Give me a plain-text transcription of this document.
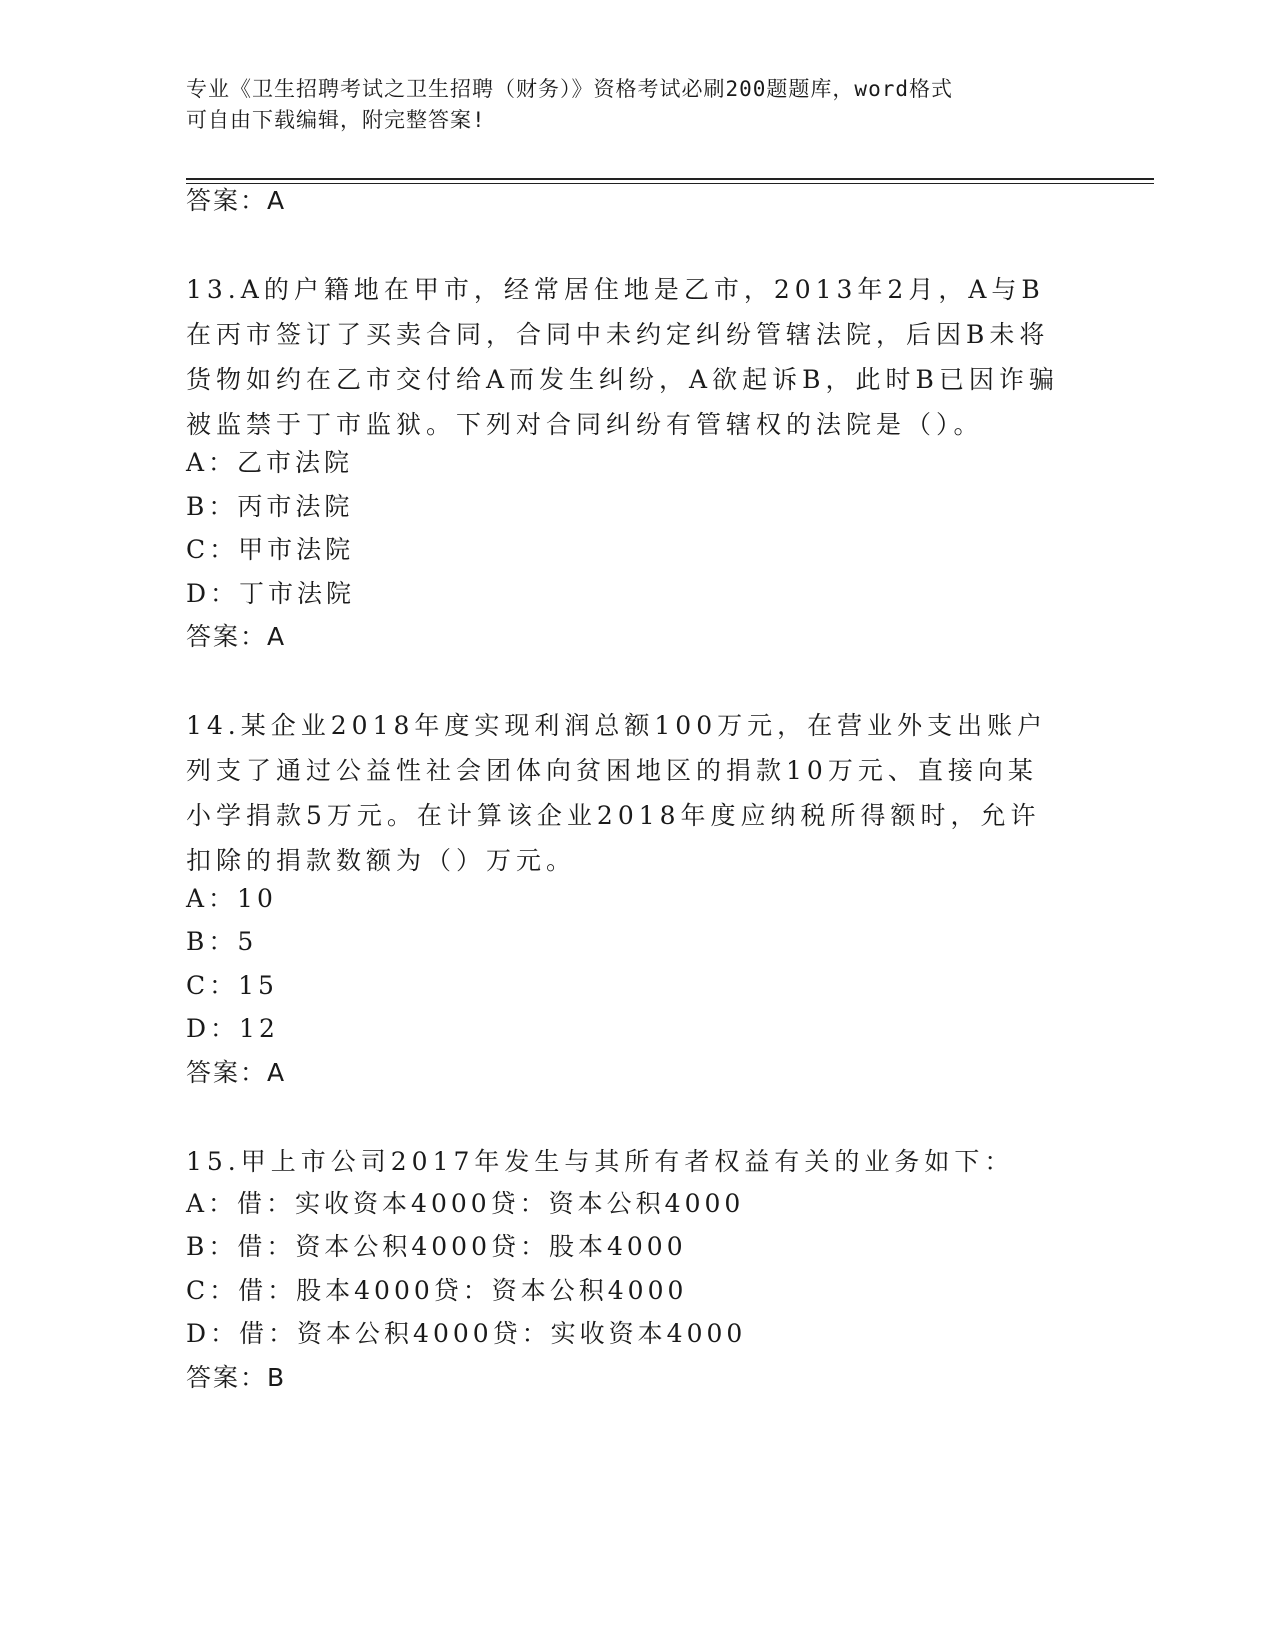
专业《卫生招聘考试之卫生招聘（财务）》资格考试必刷200题题库，word格式
可自由下载编辑，附完整答案!
答案：A

13.A的户籍地在甲市，经常居住地是乙市，2013年2月，A与B在丙市签订了买卖合同，合同中未约定纠纷管辖法院，后因B未将货物如约在乙市交付给A而发生纠纷，A欲起诉B，此时B已因诈骗被监禁于丁市监狱。下列对合同纠纷有管辖权的法院是（）。

A：乙市法院
B：丙市法院
C：甲市法院
D：丁市法院
答案：A

14.某企业2018年度实现利润总额100万元，在营业外支出账户列支了通过公益性社会团体向贫困地区的捐款10万元、直接向某小学捐款5万元。在计算该企业2018年度应纳税所得额时，允许扣除的捐款数额为（）万元。

A：10
B：5
C：15
D：12
答案：A

15.甲上市公司2017年发生与其所有者权益有关的业务如下：

A：借：实收资本4000贷：资本公积4000
B：借：资本公积4000贷：股本4000
C：借：股本4000贷：资本公积4000
D：借：资本公积4000贷：实收资本4000
答案：B
